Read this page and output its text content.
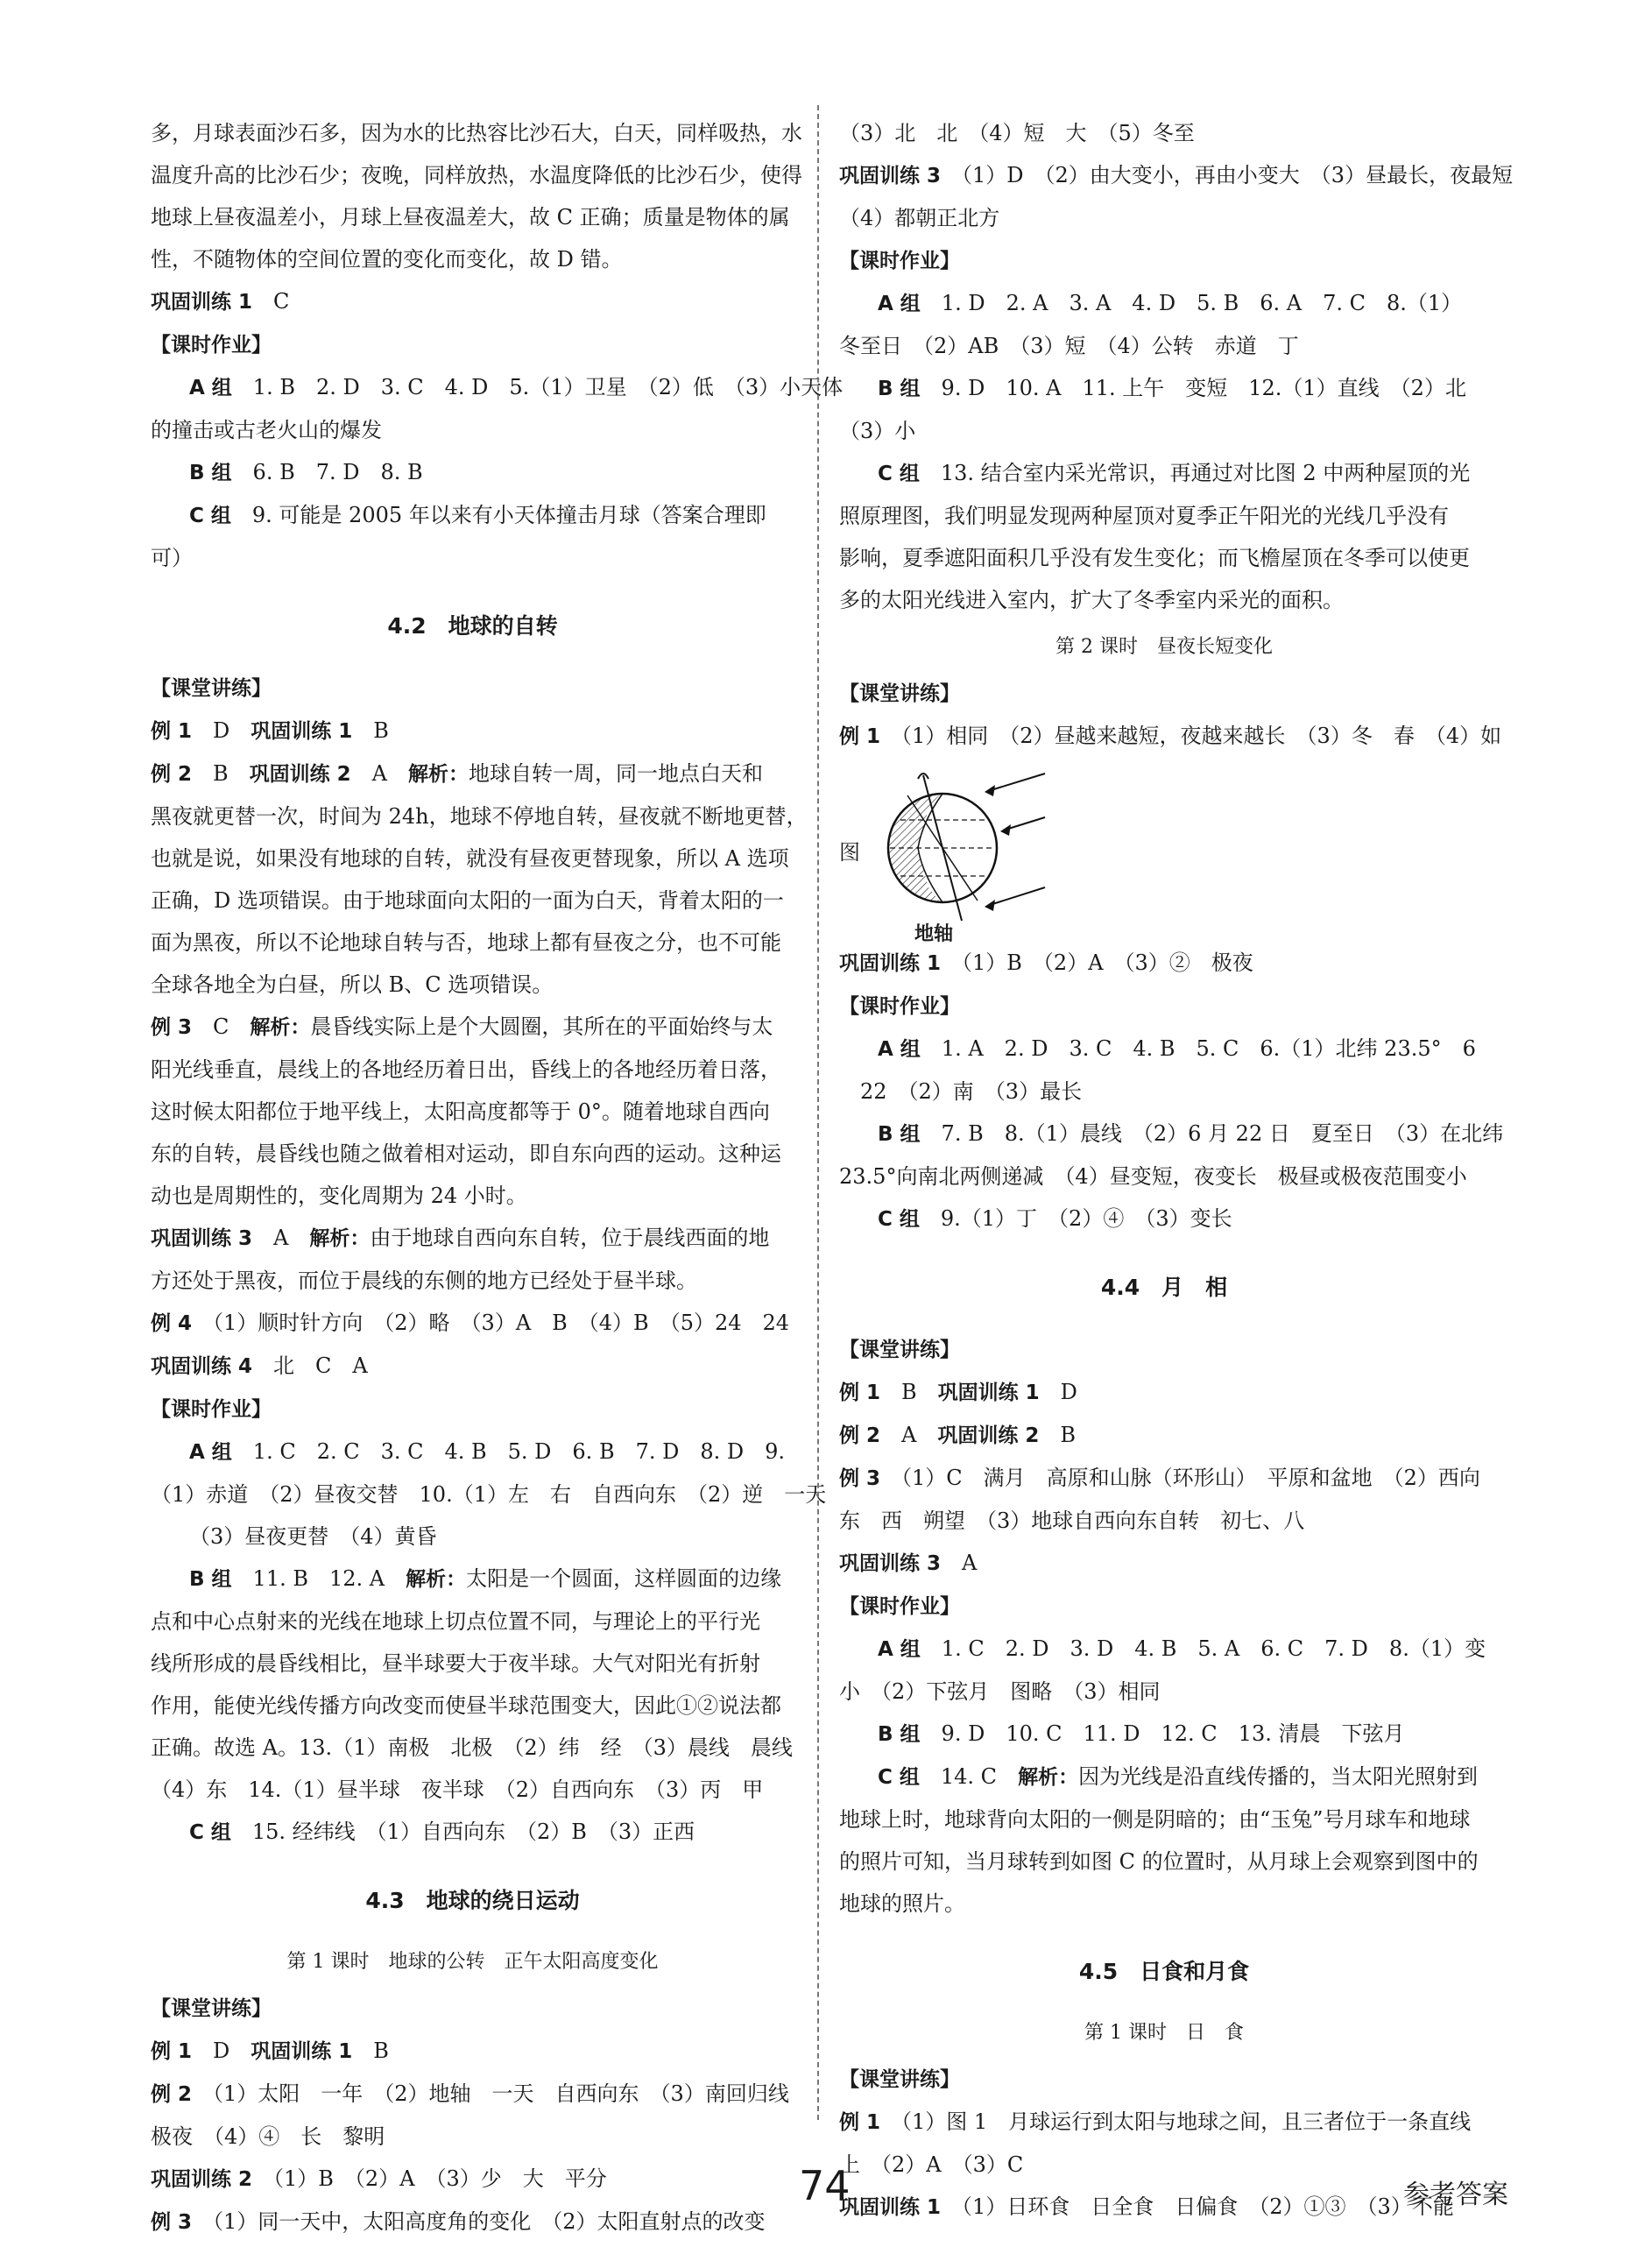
多，月球表面沙石多，因为水的比热容比沙石大，白天，同样吸热，水
温度升高的比沙石少；夜晚，同样放热，水温度降低的比沙石少，使得
地球上昼夜温差小，月球上昼夜温差大，故 C 正确；质量是物体的属
性，不随物体的空间位置的变化而变化，故 D 错。
巩固训练 1　C
【课时作业】
A 组　1. B　2. D　3. C　4. D　5.（1）卫星　（2）低　（3）小天体
的撞击或古老火山的爆发
B 组　6. B　7. D　8. B
C 组　9. 可能是 2005 年以来有小天体撞击月球（答案合理即
可）
4.2　地球的自转
【课堂讲练】
例 1　D　巩固训练 1　B
例 2　B　巩固训练 2　A　解析：地球自转一周，同一地点白天和
黑夜就更替一次，时间为 24h，地球不停地自转，昼夜就不断地更替，
也就是说，如果没有地球的自转，就没有昼夜更替现象，所以 A 选项
正确，D 选项错误。由于地球面向太阳的一面为白天，背着太阳的一
面为黑夜，所以不论地球自转与否，地球上都有昼夜之分，也不可能
全球各地全为白昼，所以 B、C 选项错误。
例 3　C　解析：晨昏线实际上是个大圆圈，其所在的平面始终与太
阳光线垂直，晨线上的各地经历着日出，昏线上的各地经历着日落，
这时候太阳都位于地平线上，太阳高度都等于 0°。随着地球自西向
东的自转，晨昏线也随之做着相对运动，即自东向西的运动。这种运
动也是周期性的，变化周期为 24 小时。
巩固训练 3　A　解析：由于地球自西向东自转，位于晨线西面的地
方还处于黑夜，而位于晨线的东侧的地方已经处于昼半球。
例 4　（1）顺时针方向　（2）略　（3）A　B　（4）B　（5）24　24
巩固训练 4　北　C　A
【课时作业】
A 组　1. C　2. C　3. C　4. B　5. D　6. B　7. D　8. D　9.
（1）赤道　（2）昼夜交替　10.（1）左　右　自西向东　（2）逆　一天
（3）昼夜更替　（4）黄昏
B 组　11. B　12. A　解析：太阳是一个圆面，这样圆面的边缘
点和中心点射来的光线在地球上切点位置不同，与理论上的平行光
线所形成的晨昏线相比，昼半球要大于夜半球。大气对阳光有折射
作用，能使光线传播方向改变而使昼半球范围变大，因此①②说法都
正确。故选 A。13.（1）南极　北极　（2）纬　经　（3）晨线　晨线
（4）东　14.（1）昼半球　夜半球　（2）自西向东　（3）丙　甲
C 组　15. 经纬线　（1）自西向东　（2）B　（3）正西
4.3　地球的绕日运动
第 1 课时　地球的公转　正午太阳高度变化
【课堂讲练】
例 1　D　巩固训练 1　B
例 2　（1）太阳　一年　（2）地轴　一天　自西向东　（3）南回归线
极夜　（4）④　长　黎明
巩固训练 2　（1）B　（2）A　（3）少　大　平分
例 3　（1）同一天中，太阳高度角的变化　（2）太阳直射点的改变
（3）北　北　（4）短　大　（5）冬至
巩固训练 3　（1）D　（2）由大变小，再由小变大　（3）昼最长，夜最短
（4）都朝正北方
【课时作业】
A 组　1. D　2. A　3. A　4. D　5. B　6. A　7. C　8.（1）
冬至日　（2）AB　（3）短　（4）公转　赤道　丁
B 组　9. D　10. A　11. 上午　变短　12.（1）直线　（2）北
（3）小
C 组　13. 结合室内采光常识，再通过对比图 2 中两种屋顶的光
照原理图，我们明显发现两种屋顶对夏季正午阳光的光线几乎没有
影响，夏季遮阳面积几乎没有发生变化；而飞檐屋顶在冬季可以使更
多的太阳光线进入室内，扩大了冬季室内采光的面积。
第 2 课时　昼夜长短变化
【课堂讲练】
例 1　（1）相同　（2）昼越来越短，夜越来越长　（3）冬　春　（4）如
图
地轴
巩固训练 1　（1）B　（2）A　（3）②　极夜
【课时作业】
A 组　1. A　2. D　3. C　4. B　5. C　6.（1）北纬 23.5°　6
　22　（2）南　（3）最长
B 组　7. B　8.（1）晨线　（2）6 月 22 日　夏至日　（3）在北纬
23.5°向南北两侧递减　（4）昼变短，夜变长　极昼或极夜范围变小
C 组　9.（1）丁　（2）④　（3）变长
4.4　月　相
【课堂讲练】
例 1　B　巩固训练 1　D
例 2　A　巩固训练 2　B
例 3　（1）C　满月　高原和山脉（环形山）　平原和盆地　（2）西向
东　西　朔望　（3）地球自西向东自转　初七、八
巩固训练 3　A
【课时作业】
A 组　1. C　2. D　3. D　4. B　5. A　6. C　7. D　8.（1）变
小　（2）下弦月　图略　（3）相同
B 组　9. D　10. C　11. D　12. C　13. 清晨　下弦月
C 组　14. C　解析：因为光线是沿直线传播的，当太阳光照射到
地球上时，地球背向太阳的一侧是阴暗的；由“玉兔”号月球车和地球
的照片可知，当月球转到如图 C 的位置时，从月球上会观察到图中的
地球的照片。
4.5　日食和月食
第 1 课时　日　食
【课堂讲练】
例 1　（1）图 1　月球运行到太阳与地球之间，且三者位于一条直线
上　（2）A　（3）C
巩固训练 1　（1）日环食　日全食　日偏食　（2）①③　（3）不能
74	参考答案
